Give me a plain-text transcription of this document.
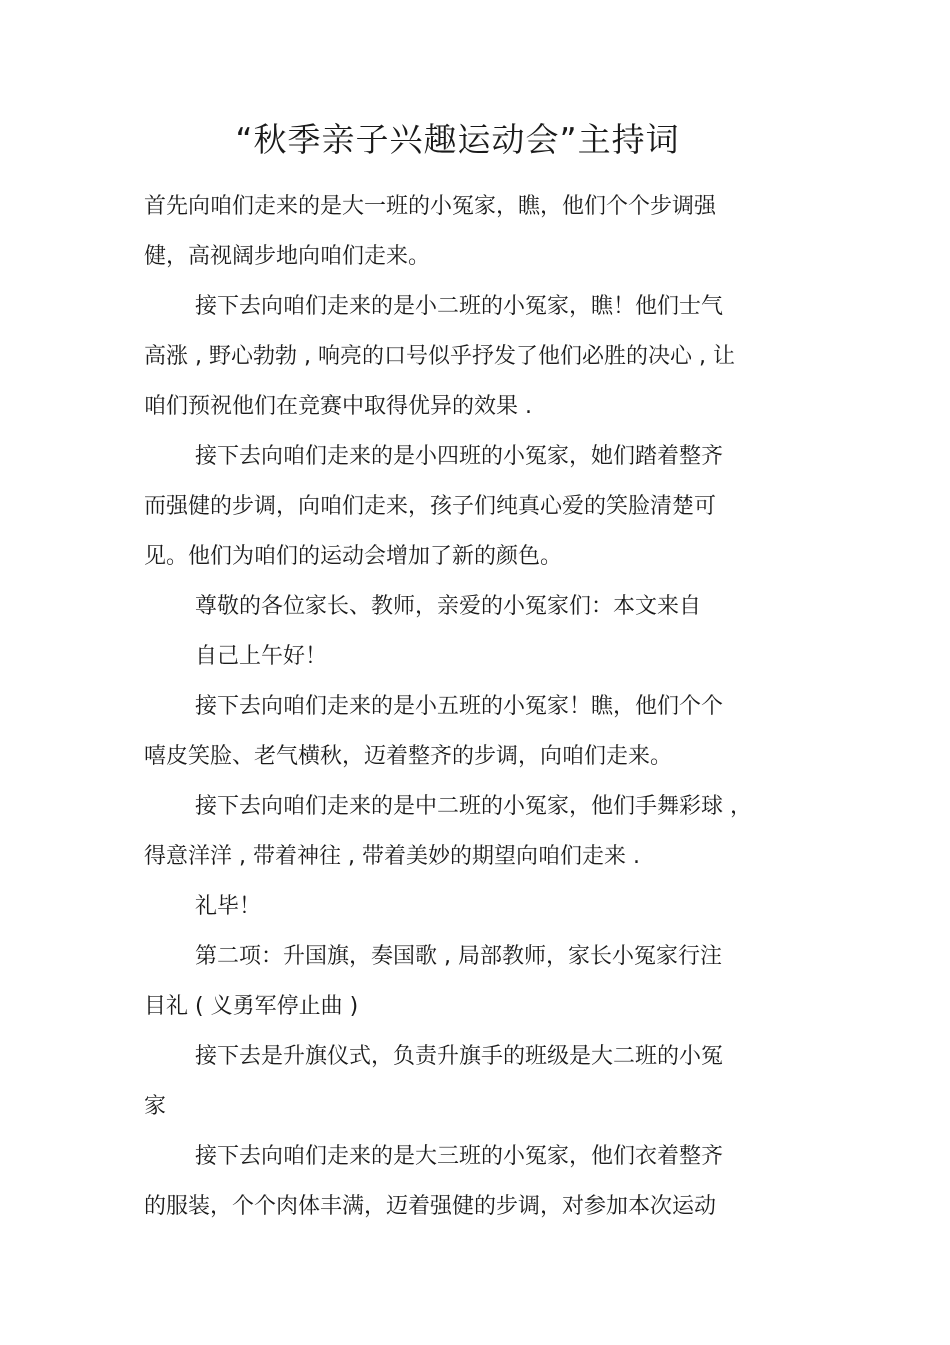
“秋季亲子兴趣运动会”主持词
首先向咱们走来的是大一班的小冤家，瞧，他们个个步调强
健，高视阔步地向咱们走来。
接下去向咱们走来的是小二班的小冤家，瞧！他们士气
高涨 , 野心勃勃 , 响亮的口号似乎抒发了他们必胜的决心 , 让
咱们预祝他们在竞赛中取得优异的效果 .
接下去向咱们走来的是小四班的小冤家，她们踏着整齐
而强健的步调，向咱们走来，孩子们纯真心爱的笑脸清楚可
见。他们为咱们的运动会增加了新的颜色。
尊敬的各位家长、教师，亲爱的小冤家们：本文来自
自己上午好！
接下去向咱们走来的是小五班的小冤家！瞧，他们个个
嘻皮笑脸、老气横秋，迈着整齐的步调，向咱们走来。
接下去向咱们走来的是中二班的小冤家，他们手舞彩球 ，
得意洋洋 , 带着神往 , 带着美妙的期望向咱们走来 .
礼毕！
第二项：升国旗，奏国歌 , 局部教师，家长小冤家行注
目礼 ( 义勇军停止曲 )
接下去是升旗仪式，负责升旗手的班级是大二班的小冤
家
接下去向咱们走来的是大三班的小冤家，他们衣着整齐
的服装，个个肉体丰满，迈着强健的步调，对参加本次运动
